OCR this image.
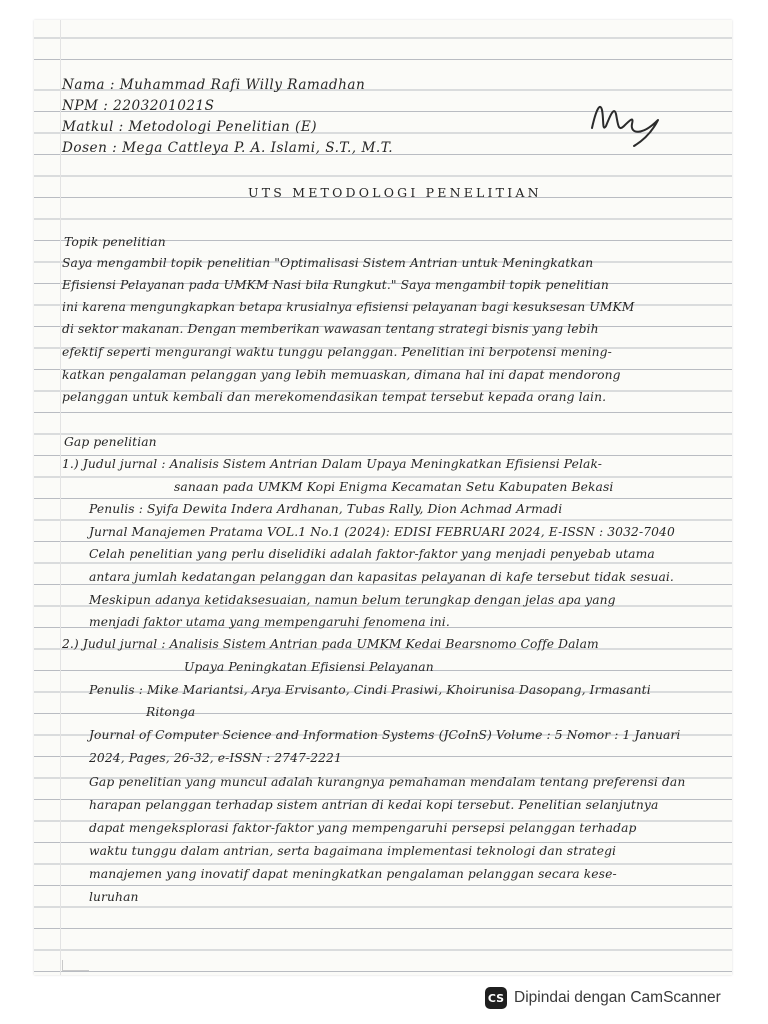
Nama : Muhammad Rafi Willy Ramadhan
NPM : 2203201021S
Matkul : Metodologi Penelitian (E)
Dosen : Mega Cattleya P. A. Islami, S.T., M.T.
UTS METODOLOGI PENELITIAN
Topik penelitian
Saya mengambil topik penelitian "Optimalisasi Sistem Antrian untuk Meningkatkan
Efisiensi Pelayanan pada UMKM Nasi bila Rungkut." Saya mengambil topik penelitian
ini karena mengungkapkan betapa krusialnya efisiensi pelayanan bagi kesuksesan UMKM
di sektor makanan. Dengan memberikan wawasan tentang strategi bisnis yang lebih
efektif seperti mengurangi waktu tunggu pelanggan. Penelitian ini berpotensi mening-
katkan pengalaman pelanggan yang lebih memuaskan, dimana hal ini dapat mendorong
pelanggan untuk kembali dan merekomendasikan tempat tersebut kepada orang lain.
Gap penelitian
1.) Judul jurnal : Analisis Sistem Antrian Dalam Upaya Meningkatkan Efisiensi Pelak-
sanaan pada UMKM Kopi Enigma Kecamatan Setu Kabupaten Bekasi
Penulis : Syifa Dewita Indera Ardhanan, Tubas Rally, Dion Achmad Armadi
Jurnal Manajemen Pratama VOL.1 No.1 (2024): EDISI FEBRUARI 2024, E-ISSN : 3032-7040
Celah penelitian yang perlu diselidiki adalah faktor-faktor yang menjadi penyebab utama
antara jumlah kedatangan pelanggan dan kapasitas pelayanan di kafe tersebut tidak sesuai.
Meskipun adanya ketidaksesuaian, namun belum terungkap dengan jelas apa yang
menjadi faktor utama yang mempengaruhi fenomena ini.
2.) Judul jurnal : Analisis Sistem Antrian pada UMKM Kedai Bearsnomo Coffe Dalam
Upaya Peningkatan Efisiensi Pelayanan
Penulis : Mike Mariantsi, Arya Ervisanto, Cindi Prasiwi, Khoirunisa Dasopang, Irmasanti
Ritonga
Journal of Computer Science and Information Systems (JCoInS) Volume : 5 Nomor : 1 Januari
2024, Pages, 26-32, e-ISSN : 2747-2221
Gap penelitian yang muncul adalah kurangnya pemahaman mendalam tentang preferensi dan
harapan pelanggan terhadap sistem antrian di kedai kopi tersebut. Penelitian selanjutnya
dapat mengeksplorasi faktor-faktor yang mempengaruhi persepsi pelanggan terhadap
waktu tunggu dalam antrian, serta bagaimana implementasi teknologi dan strategi
manajemen yang inovatif dapat meningkatkan pengalaman pelanggan secara kese-
luruhan
CS Dipindai dengan CamScanner
